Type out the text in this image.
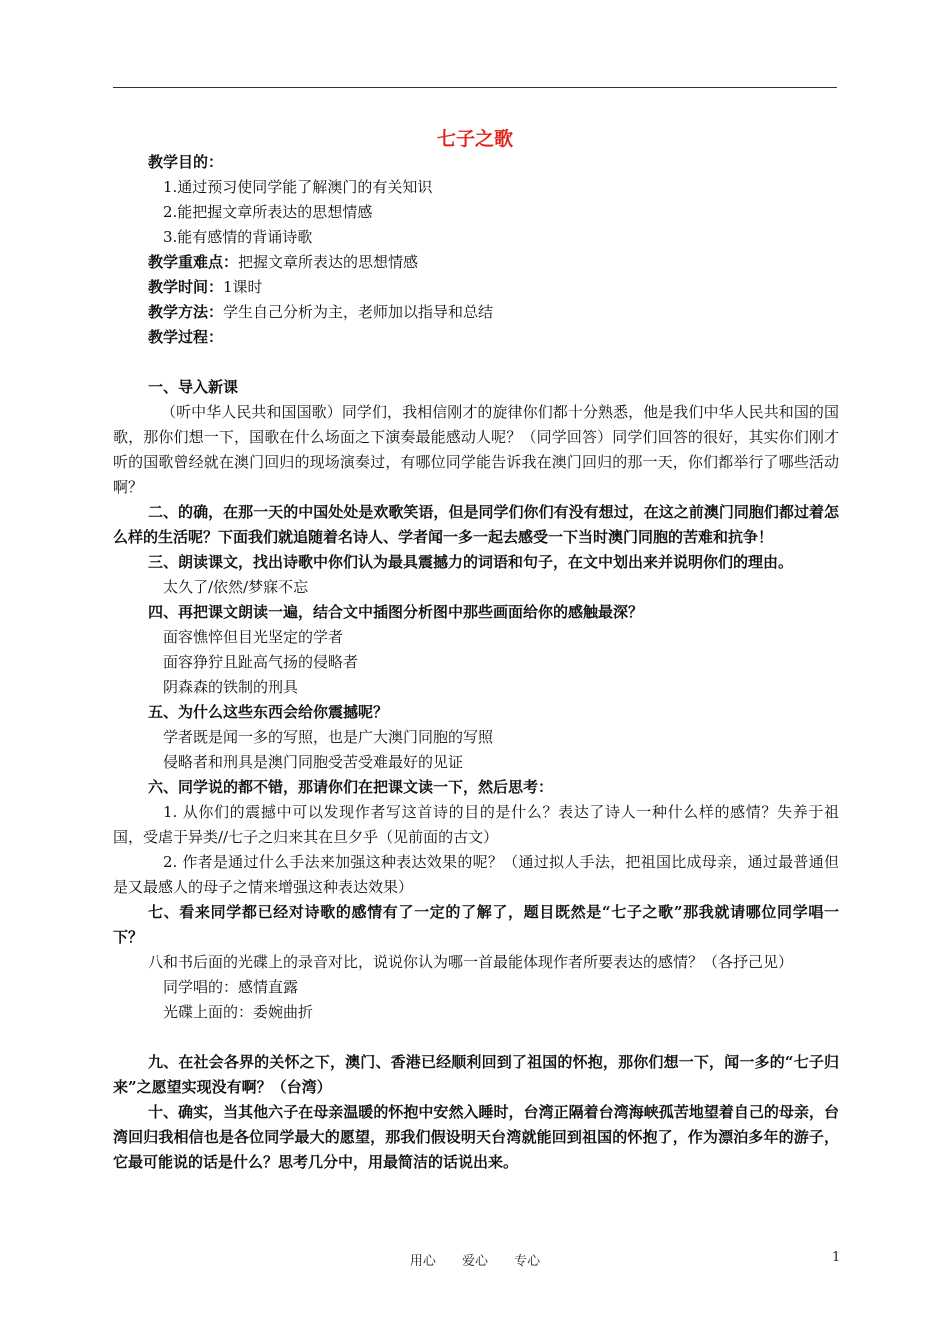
七子之歌
教学目的：
1.通过预习使同学能了解澳门的有关知识
2.能把握文章所表达的思想情感
3.能有感情的背诵诗歌
教学重难点：把握文章所表达的思想情感
教学时间：1课时
教学方法：学生自己分析为主，老师加以指导和总结
教学过程：
一、导入新课
（听中华人民共和国国歌）同学们，我相信刚才的旋律你们都十分熟悉，他是我们中华人民共和国的国歌，那你们想一下，国歌在什么场面之下演奏最能感动人呢？（同学回答）同学们回答的很好，其实你们刚才听的国歌曾经就在澳门回归的现场演奏过，有哪位同学能告诉我在澳门回归的那一天，你们都举行了哪些活动啊？
二、的确，在那一天的中国处处是欢歌笑语，但是同学们你们有没有想过，在这之前澳门同胞们都过着怎么样的生活呢？下面我们就追随着名诗人、学者闻一多一起去感受一下当时澳门同胞的苦难和抗争！
三、朗读课文，找出诗歌中你们认为最具震撼力的词语和句子，在文中划出来并说明你们的理由。
太久了/依然/梦寐不忘
四、再把课文朗读一遍，结合文中插图分析图中那些画面给你的感触最深？
面容憔悴但目光坚定的学者
面容狰狞且趾高气扬的侵略者
阴森森的铁制的刑具
五、为什么这些东西会给你震撼呢？
学者既是闻一多的写照，也是广大澳门同胞的写照
侵略者和刑具是澳门同胞受苦受难最好的见证
六、同学说的都不错，那请你们在把课文读一下，然后思考：
1. 从你们的震撼中可以发现作者写这首诗的目的是什么？表达了诗人一种什么样的感情？失养于祖国，受虐于异类//七子之归来其在旦夕乎（见前面的古文）
2. 作者是通过什么手法来加强这种表达效果的呢？（通过拟人手法，把祖国比成母亲，通过最普通但是又最感人的母子之情来增强这种表达效果）
七、看来同学都已经对诗歌的感情有了一定的了解了，题目既然是“七子之歌”那我就请哪位同学唱一下？
八和书后面的光碟上的录音对比，说说你认为哪一首最能体现作者所要表达的感情？（各抒己见）
同学唱的：感情直露
光碟上面的：委婉曲折
九、在社会各界的关怀之下，澳门、香港已经顺利回到了祖国的怀抱，那你们想一下，闻一多的“七子归来”之愿望实现没有啊？（台湾）
十、确实，当其他六子在母亲温暖的怀抱中安然入睡时，台湾正隔着台湾海峡孤苦地望着自己的母亲，台湾回归我相信也是各位同学最大的愿望，那我们假设明天台湾就能回到祖国的怀抱了，作为漂泊多年的游子，它最可能说的话是什么？思考几分中，用最简洁的话说出来。
用心 爱心 专心	1
